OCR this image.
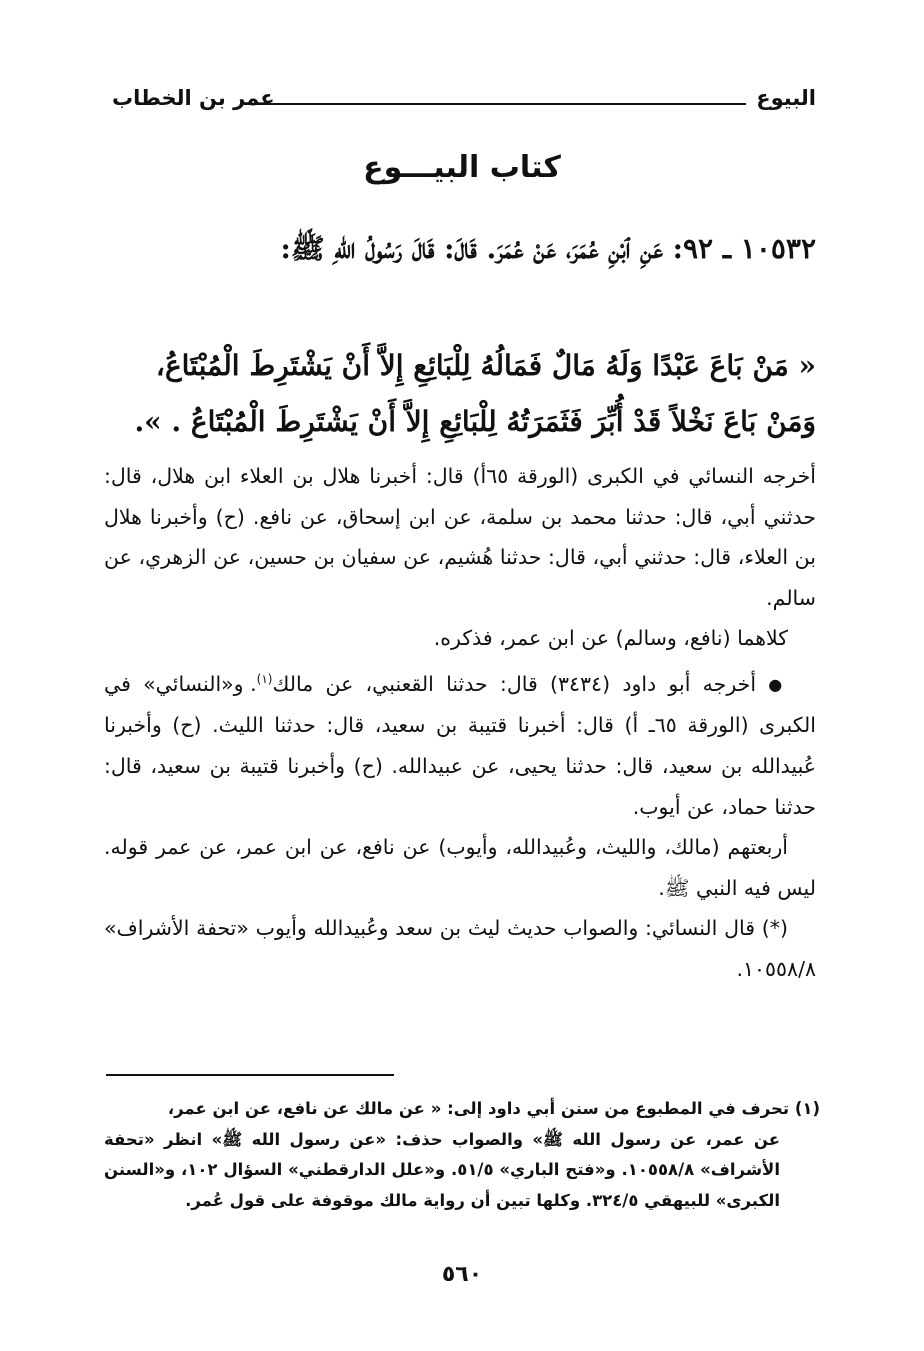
البيوع
عمر بن الخطاب
كتاب البيـــوع
١٠٥٣٢ ـ ٩٢: عَنِ ٱبْنِ عُمَرَ، عَنْ عُمَرَ. قَالَ: قَالَ رَسُولُ اللهِ ﷺ:
« مَنْ بَاعَ عَبْدًا وَلَهُ مَالٌ فَمَالُهُ لِلْبَائِعِ إِلاَّ أَنْ يَشْتَرِطَ الْمُبْتَاعُ، وَمَنْ بَاعَ نَخْلاً قَدْ أُبِّرَ فَثَمَرَتُهُ لِلْبَائِعِ إِلاَّ أَنْ يَشْتَرِطَ الْمُبْتَاعُ . ».

أخرجه النسائي في الكبرى (الورقة ٦٥أ) قال: أخبرنا هلال بن العلاء ابن هلال، قال: حدثني أبي، قال: حدثنا محمد بن سلمة، عن ابن إسحاق، عن نافع. (ح) وأخبرنا هلال بن العلاء، قال: حدثني أبي، قال: حدثنا هُشيم، عن سفيان بن حسين، عن الزهري، عن سالم.

كلاهما (نافع، وسالم) عن ابن عمر، فذكره.

● أخرجه أبو داود (٣٤٣٤) قال: حدثنا القعنبي، عن مالك$^{(١)}$. و«النسائي» في الكبرى (الورقة ٦٥ـ أ) قال: أخبرنا قتيبة بن سعيد، قال: حدثنا الليث. (ح) وأخبرنا عُبيدالله بن سعيد، قال: حدثنا يحيى، عن عبيدالله. (ح) وأخبرنا قتيبة بن سعيد، قال: حدثنا حماد، عن أيوب.

أربعتهم (مالك، والليث، وعُبيدالله، وأيوب) عن نافع، عن ابن عمر، عن عمر قوله. ليس فيه النبي ﷺ.

(*) قال النسائي: والصواب حديث ليث بن سعد وعُبيدالله وأيوب «تحفة الأشراف» ١٠٥٥٨/٨.

(١) تحرف في المطبوع من سنن أبي داود إلى: « عن مالك عن نافع، عن ابن عمر،

عن عمر، عن رسول الله ﷺ» والصواب حذف: «عن رسول الله ﷺ» انظر «تحفة الأشراف» ١٠٥٥٨/٨. و«فتح الباري» ٥١/٥. و«علل الدارقطني» السؤال ١٠٢، و«السنن الكبرى» للبيهقي ٣٢٤/٥. وكلها تبين أن رواية مالك موقوفة على قول عُمر.

٥٦٠
